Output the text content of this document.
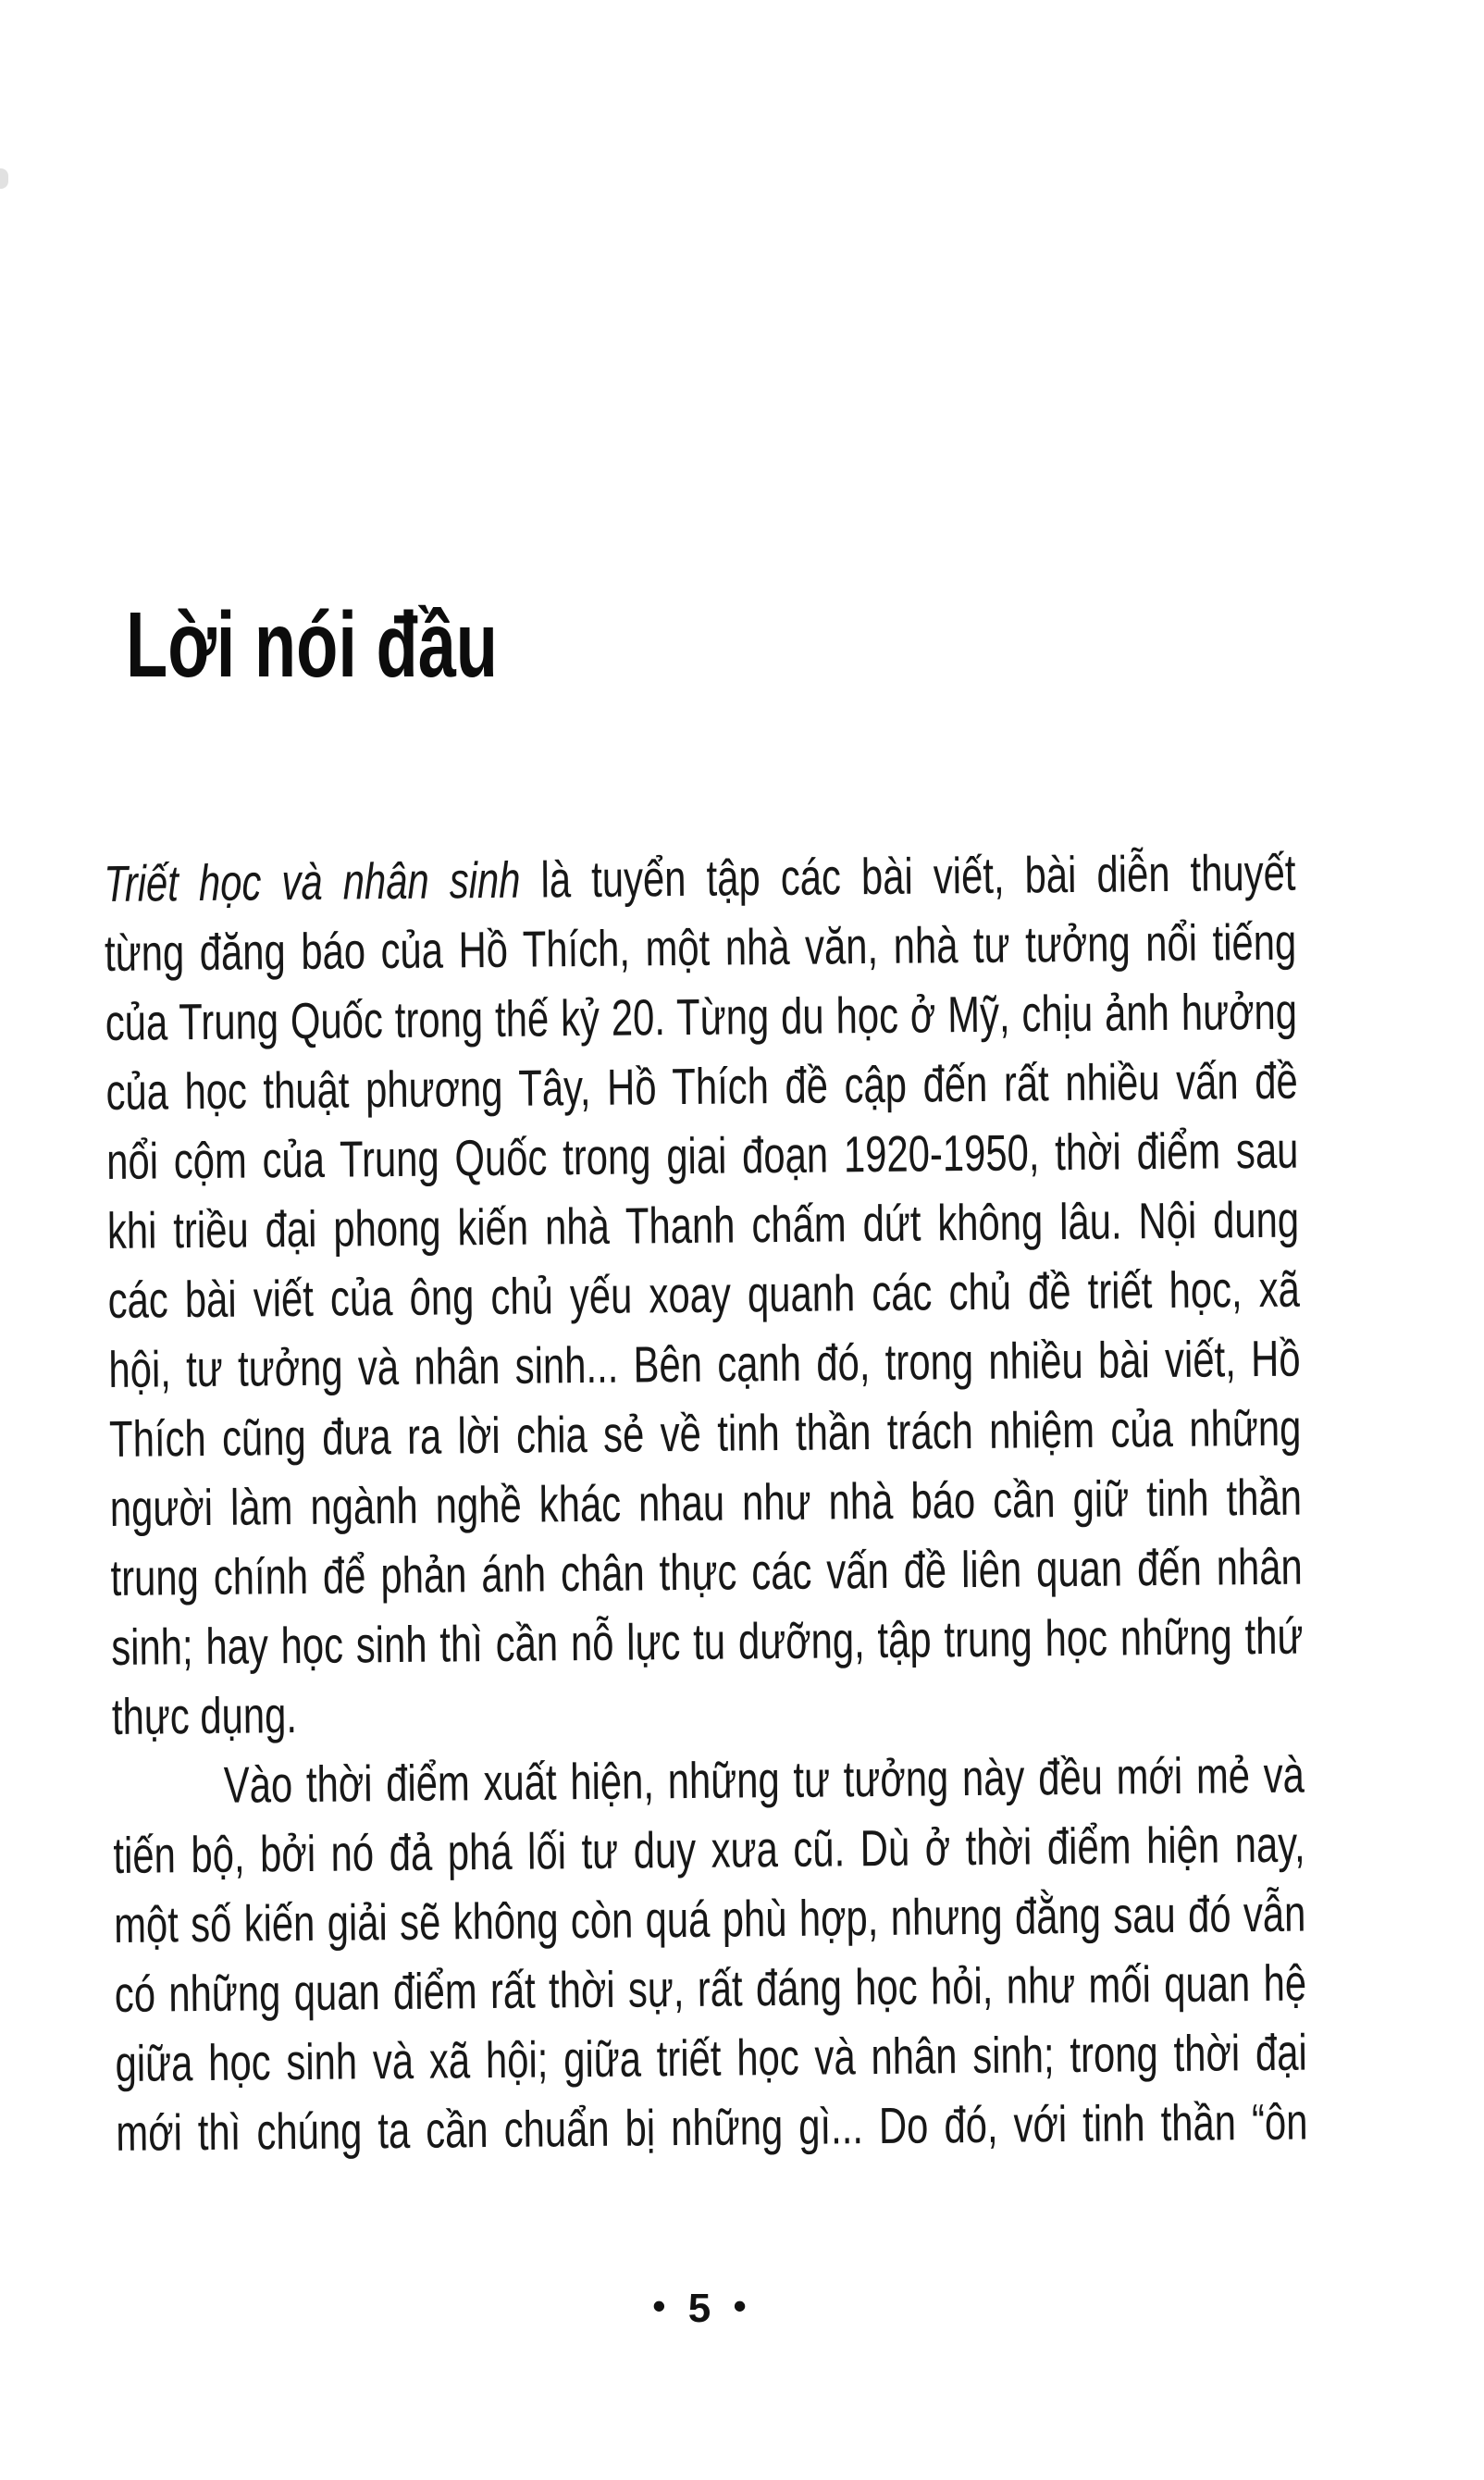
Lời nói đầu
Triết học và nhân sinh là tuyển tập các bài viết, bài diễn thuyết
từng đăng báo của Hồ Thích, một nhà văn, nhà tư tưởng nổi tiếng
của Trung Quốc trong thế kỷ 20. Từng du học ở Mỹ, chịu ảnh hưởng
của học thuật phương Tây, Hồ Thích đề cập đến rất nhiều vấn đề
nổi cộm của Trung Quốc trong giai đoạn 1920-1950, thời điểm sau
khi triều đại phong kiến nhà Thanh chấm dứt không lâu. Nội dung
các bài viết của ông chủ yếu xoay quanh các chủ đề triết học, xã
hội, tư tưởng và nhân sinh... Bên cạnh đó, trong nhiều bài viết, Hồ
Thích cũng đưa ra lời chia sẻ về tinh thần trách nhiệm của những
người làm ngành nghề khác nhau như nhà báo cần giữ tinh thần
trung chính để phản ánh chân thực các vấn đề liên quan đến nhân
sinh; hay học sinh thì cần nỗ lực tu dưỡng, tập trung học những thứ
thực dụng.
Vào thời điểm xuất hiện, những tư tưởng này đều mới mẻ và
tiến bộ, bởi nó đả phá lối tư duy xưa cũ. Dù ở thời điểm hiện nay,
một số kiến giải sẽ không còn quá phù hợp, nhưng đằng sau đó vẫn
có những quan điểm rất thời sự, rất đáng học hỏi, như mối quan hệ
giữa học sinh và xã hội; giữa triết học và nhân sinh; trong thời đại
mới thì chúng ta cần chuẩn bị những gì... Do đó, với tinh thần “ôn
• 5 •
